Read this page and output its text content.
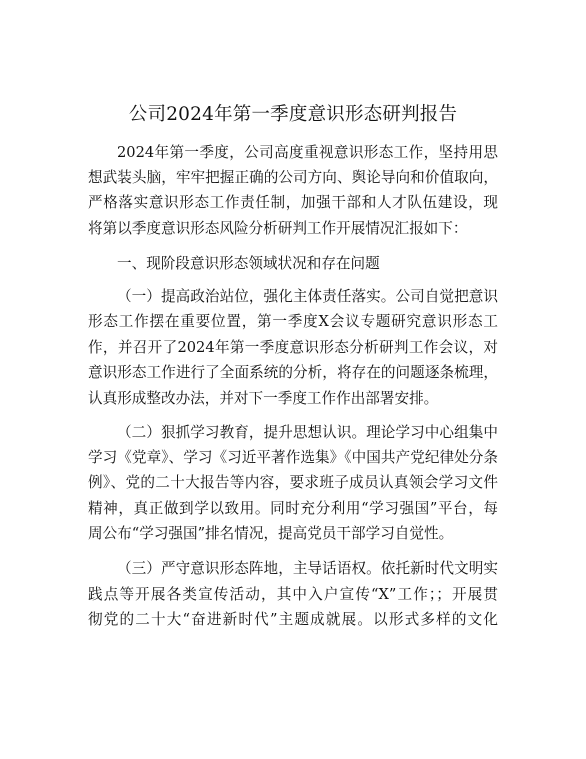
公司2024年第一季度意识形态研判报告
2024年第一季度，公司高度重视意识形态工作，坚持用思
想武装头脑，牢牢把握正确的公司方向、舆论导向和价值取向，
严格落实意识形态工作责任制，加强干部和人才队伍建设，现
将第以季度意识形态风险分析研判工作开展情况汇报如下：
一、现阶段意识形态领域状况和存在问题
（一）提高政治站位，强化主体责任落实。公司自觉把意识
形态工作摆在重要位置，第一季度X会议专题研究意识形态工
作，并召开了2024年第一季度意识形态分析研判工作会议，对
意识形态工作进行了全面系统的分析，将存在的问题逐条梳理，
认真形成整改办法，并对下一季度工作作出部署安排。
（二）狠抓学习教育，提升思想认识。理论学习中心组集中
学习《党章》、学习《习近平著作选集》《中国共产党纪律处分条
例》、党的二十大报告等内容，要求班子成员认真领会学习文件
精神，真正做到学以致用。同时充分利用“学习强国”平台，每
周公布“学习强国”排名情况，提高党员干部学习自觉性。
（三）严守意识形态阵地，主导话语权。依托新时代文明实
践点等开展各类宣传活动，其中入户宣传“X”工作；；开展贯
彻党的二十大“奋进新时代”主题成就展。以形式多样的文化
